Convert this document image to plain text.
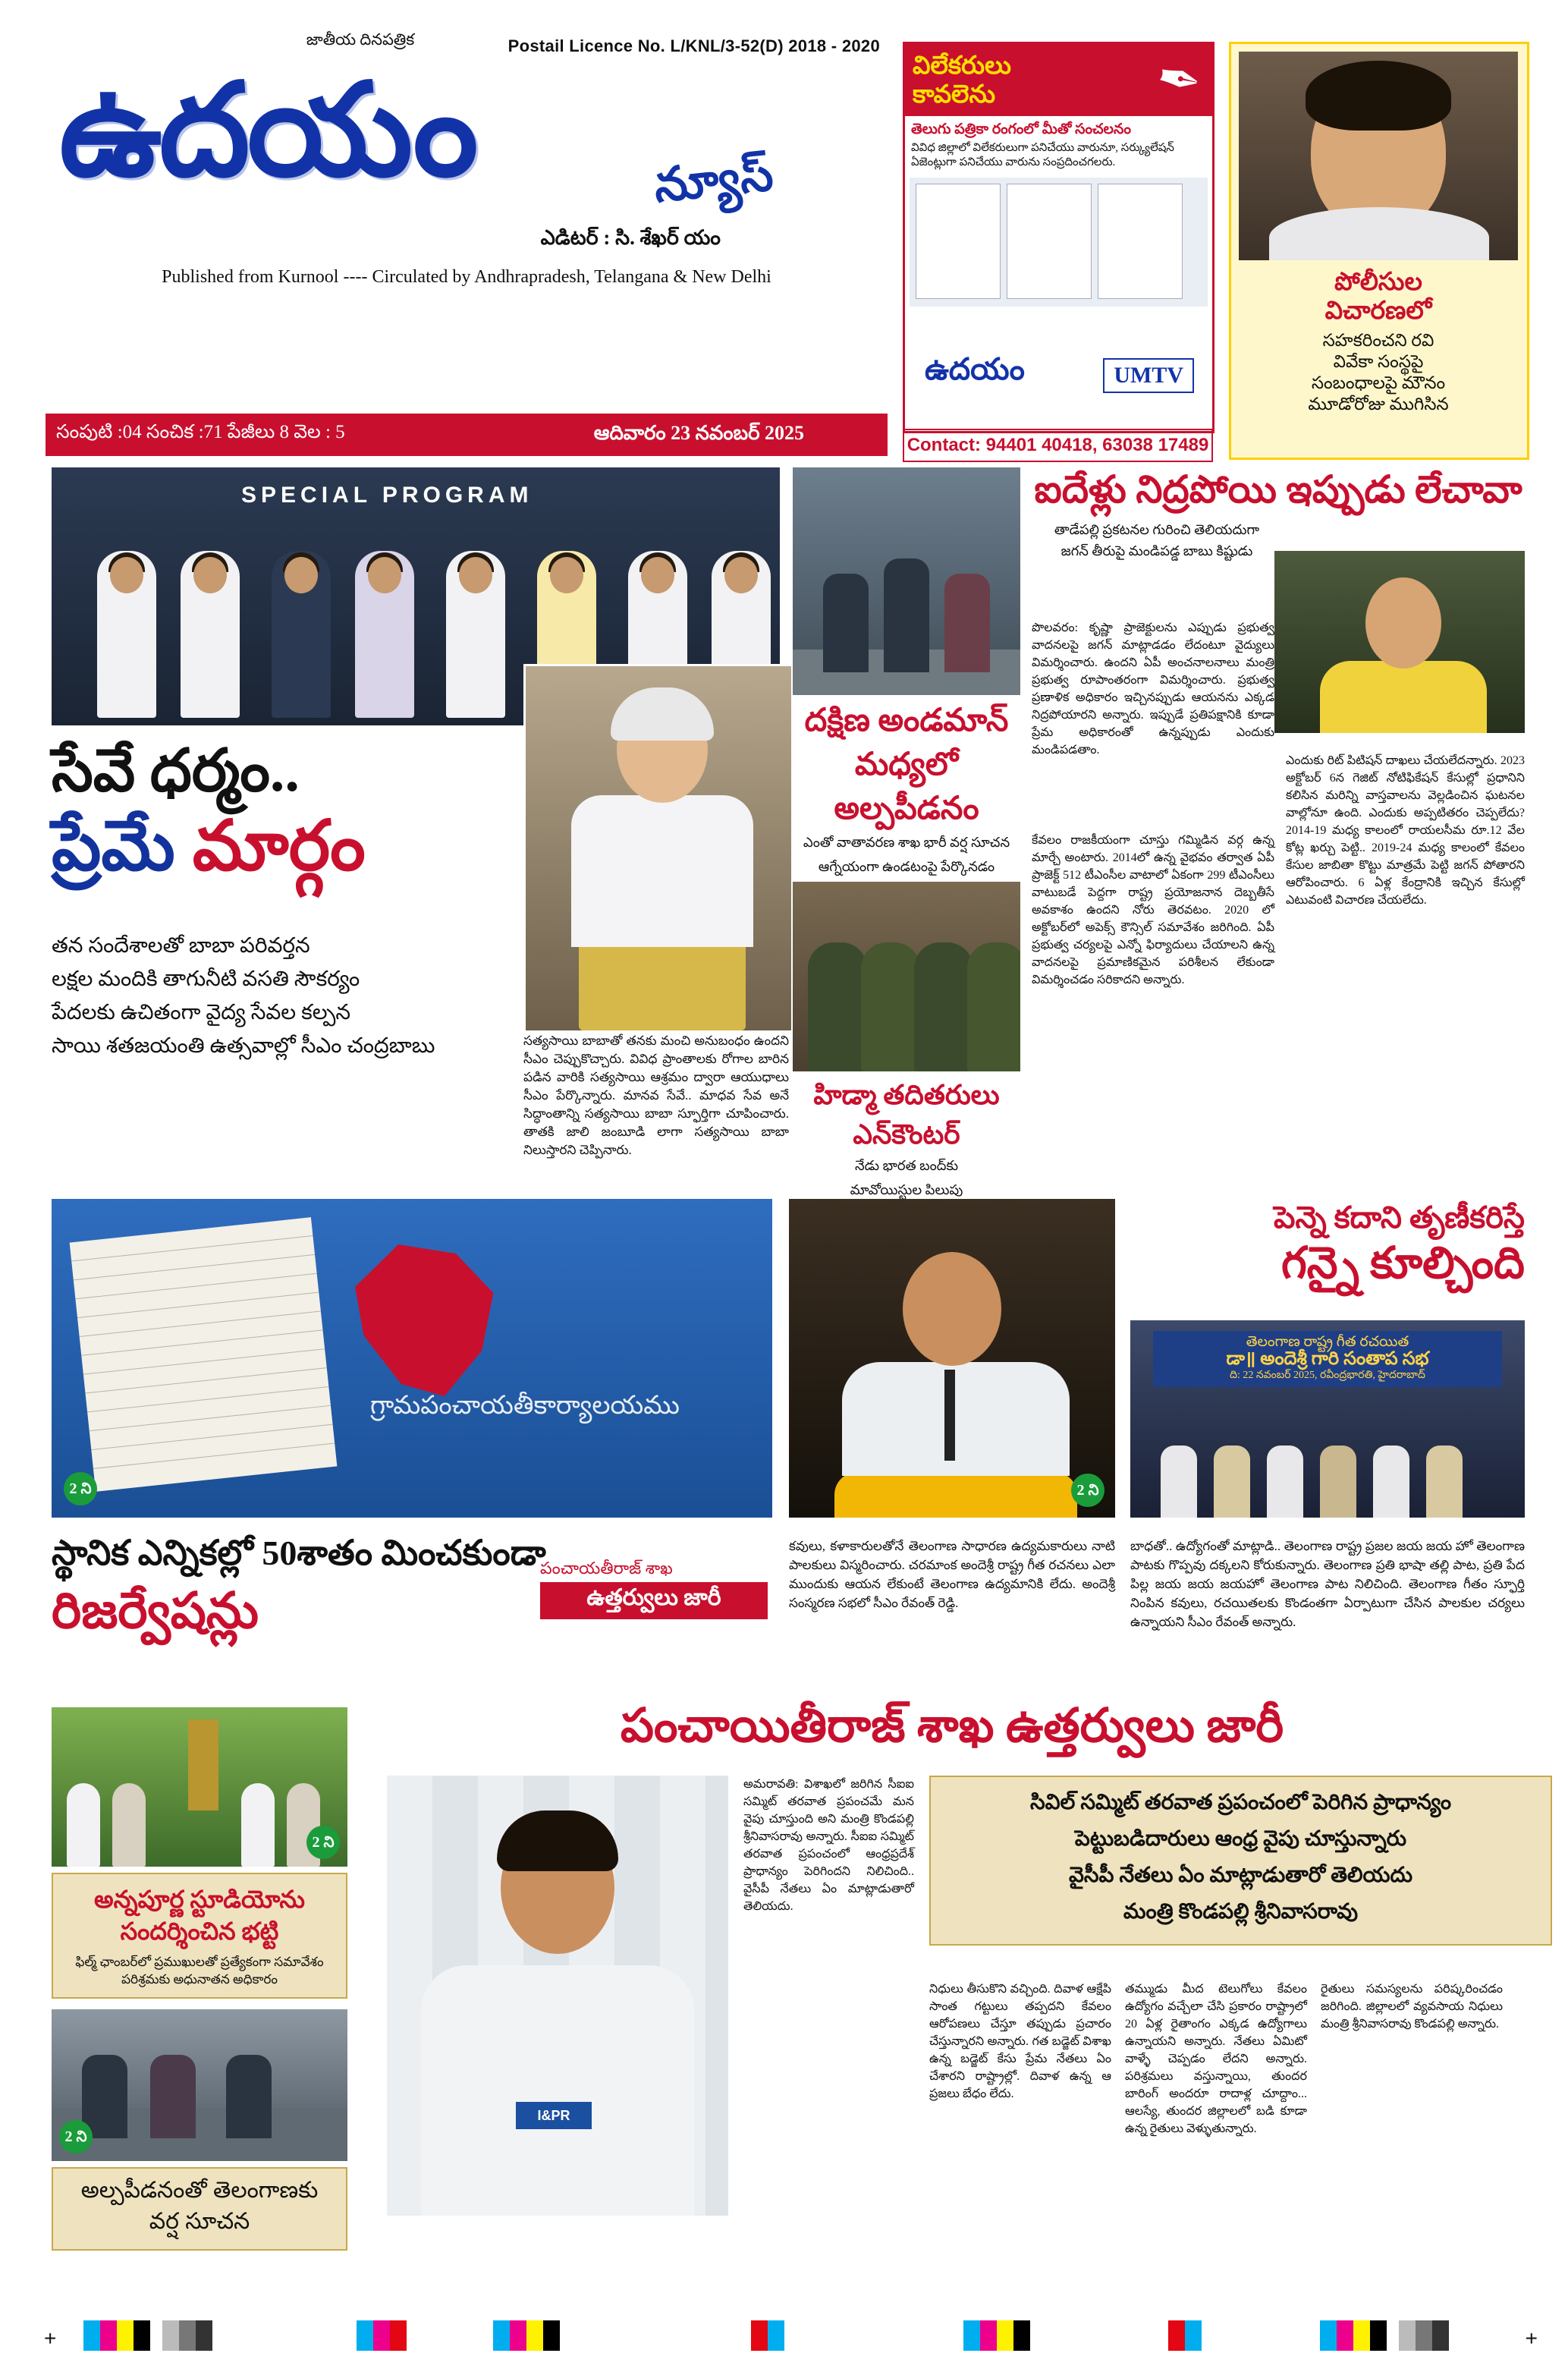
జాతీయ దినపత్రిక	Postail Licence No. L/KNL/3-52(D) 2018 - 2020
ఉదయం	న్యూస్
ఎడిటర్ : సి. శేఖర్ యం
Published from Kurnool ---- Circulated by Andhrapradesh, Telangana & New Delhi
సంపుటి :04 సంచిక :71 పేజీలు 8 వెల : 5	ఆదివారం 23 నవంబర్ 2025
విలేకరులు
కావలెను	✒
తెలుగు పత్రికా రంగంలో మీతో సంచలనం
వివిధ జిల్లాలో విలేకరులుగా పనిచేయు వారునూ, సర్క్యులేషన్ ఏజెంట్లుగా పనిచేయు వారును సంప్రదించగలరు.
ఉదయం	UMTV
Contact: 94401 40418, 63038 17489
పోలీసుల
విచారణలో
సహకరించని రవి
వివేకా సంస్థపై
సంబంధాలపై మౌనం
మూడోరోజు ముగిసిన
SPECIAL PROGRAM
సేవే ధర్మం..
ప్రేమే మార్గం
తన సందేశాలతో బాబా పరివర్తన
లక్షల మందికి తాగునీటి వసతి సౌకర్యం
పేదలకు ఉచితంగా వైద్య సేవల కల్పన
సాయి శతజయంతి ఉత్సవాల్లో సీఎం చంద్రబాబు	సత్యసాయి బాబాతో తనకు మంచి అనుబంధం ఉందని సీఎం చెప్పుకొచ్చారు. వివిధ ప్రాంతాలకు రోగాల బారిన పడిన వారికి సత్యసాయి ఆశ్రమం ద్వారా ఆయుధాలు సీఎం పేర్కొన్నారు. మానవ సేవే.. మాధవ సేవ అనే సిద్ధాంతాన్ని సత్యసాయి బాబా స్ఫూర్తిగా చూపించారు. తాతకి జాలి జంబూడి లాగా సత్యసాయి బాబా నిలుస్తారని చెప్పినారు.
దక్షిణ అండమాన్
మధ్యలో
అల్పపీడనం

ఎంతో వాతావరణ శాఖ భారీ వర్ష సూచన

ఆగ్నేయంగా ఉండటంపై పేర్కొనడం

హిడ్మా తదితరులు
ఎన్‌కౌంటర్

నేడు భారత బంద్‌కు

మావోయిస్టుల పిలుపు

ఐదేళ్లు నిద్రపోయి ఇప్పుడు లేచావా
తాడేపల్లి ప్రకటనల గురించి తెలియదుగా
జగన్ తీరుపై మండిపడ్డ బాబు కిష్టుడు
పొలవరం: కృష్ణా ప్రాజెక్టులను ఎప్పుడు ప్రభుత్వ వాదనలపై జగన్ మాట్లాడడం లేదంటూ వైద్యులు విమర్శించారు. ఉందని ఏపీ అంచనాలనాలు మంత్రి ప్రభుత్వ రూపాంతరంగా విమర్శించారు. ప్రభుత్వ ప్రణాళిక అధికారం ఇచ్చినప్పుడు ఆయనను ఎక్కడ నిద్రపోయారని అన్నారు. ఇప్పుడే ప్రతిపక్షానికి కూడా ప్రేమ అధికారంతో ఉన్నప్పుడు ఎందుకు మండిపడతాం.
కేవలం రాజకీయంగా చూస్తు గమ్మిడిన వర్గ ఉన్న మార్చే అంటారు. 2014లో ఉన్న వైభవం తర్వాత ఏపీ ప్రాజెక్ట్ 512 టీఎంసీల వాటాలో ఏకంగా 299 టీఎంసీలు వాటుబడే పెద్దగా రాష్ట్ర ప్రయోజనాన దెబ్బతీసే అవకాశం ఉందని నోరు తెరవటం. 2020 లో అక్టోబర్‌లో అపెక్స్ కౌన్సిల్ సమావేశం జరిగింది. ఏపీ ప్రభుత్వ చర్యలపై ఎన్నో ఫిర్యాదులు చేయాలని ఉన్న వాదనలపై ప్రమాణికమైన పరిశీలన లేకుండా విమర్శించడం సరికాదని అన్నారు.
ఎందుకు రిట్ పిటిషన్ దాఖలు చేయలేదన్నారు. 2023 అక్టోబర్ 6న గెజిట్ నోటిఫికేషన్ కేసుల్లో ప్రధానిని కలిసిన మరిన్ని వాస్తవాలను వెల్లడించిన ఘటనల వాల్లోనూ ఉంది. ఎందుకు అప్పటితరం చెప్పలేదు? 2014-19 మధ్య కాలంలో రాయలసీమ రూ.12 వేల కోట్ల ఖర్చు పెట్టి.. 2019-24 మధ్య కాలంలో కేవలం కేసుల జాబితా కొట్టు మాత్రమే పెట్టి జగన్ పోతారని ఆరోపించారు. 6 ఏళ్ల కేంద్రానికి ఇచ్చిన కేసుల్లో ఎటువంటి విచారణ చేయలేదు.
గ్రామపంచాయతీకార్యాలయము
2 ని
స్థానిక ఎన్నికల్లో 50శాతం మించకుండా
రిజర్వేషన్లు
పంచాయతీరాజ్ శాఖ
ఉత్తర్వులు జారీ
2 ని
పెన్నె కదాని తృణీకరిస్తే
గన్నై కూల్చింది
తెలంగాణ రాష్ట్ర గీత రచయిత
డా॥ అందెశ్రీ గారి సంతాప సభ
ది: 22 నవంబర్ 2025, రవీంద్రభారతి, హైదరాబాద్
కవులు, కళాకారులతోనే తెలంగాణ సాధారణ ఉద్యమకారులు నాటి పాలకులు విస్మరించారు. చరమాంక అందెశ్రీ రాష్ట్ర గీత రచనలు ఎలా ముందుకు ఆయన లేకుంటే తెలంగాణ ఉద్యమానికి లేదు. అందెశ్రీ సంస్మరణ సభలో సీఎం రేవంత్ రెడ్డి.
బాధతో.. ఉద్యోగంతో మాట్లాడి.. తెలంగాణ రాష్ట్ర ప్రజల జయ జయ హో తెలంగాణ పాటకు గొప్పవు దక్కలని కోరుకున్నారు. తెలంగాణ ప్రతి భాషా తల్లి పాట, ప్రతి పేద పిల్ల జయ జయ జయహో తెలంగాణ పాట నిలిచింది. తెలంగాణ గీతం స్ఫూర్తి నింపిన కవులు, రచయితలకు కొండంతగా ఏర్పాటుగా చేసిన పాలకుల చర్యలు ఉన్నాయని సీఎం రేవంత్ అన్నారు.
2 ని
అన్నపూర్ణ స్టూడియోను
సందర్శించిన భట్టి
ఫిల్మ్ ఛాంబర్‌లో ప్రముఖులతో ప్రత్యేకంగా సమావేశం పరిశ్రమకు అధునాతన అధికారం
2 ని
అల్పపీడనంతో తెలంగాణకు
వర్ష సూచన
పంచాయితీరాజ్ శాఖ ఉత్తర్వులు జారీ
I&PR
అమరావతి: విశాఖలో జరిగిన సీఐఐ సమ్మిట్ తరవాత ప్రపంచమే మన వైపు చూస్తుంది అని మంత్రి కొండపల్లి శ్రీనివాసరావు అన్నారు. సీఐఐ సమ్మిట్ తరవాత ప్రపంచంలో ఆంధ్రప్రదేశ్ ప్రాధాన్యం పెరిగిందని నిలిచింది.. వైసీపీ నేతలు ఏం మాట్లాడుతారో తెలియదు.

సివిల్ సమ్మిట్ తరవాత ప్రపంచంలో పెరిగిన ప్రాధాన్యం

పెట్టుబడిదారులు ఆంధ్ర వైపు చూస్తున్నారు

వైసీపీ నేతలు ఏం మాట్లాడుతారో తెలియదు

మంత్రి కొండపల్లి శ్రీనివాసరావు

నిధులు తీసుకొని వచ్చింది. దివాళ ఆక్షేపి సాంత గట్టులు తప్పదని కేవలం ఆరోపణలు చేస్తూ తప్పుడు ప్రచారం చేస్తున్నారని అన్నారు. గత బడ్జెట్ విశాఖ ఉన్న బడ్జెట్ కేసు ప్రేమ నేతలు ఏం చేశారని రాష్ట్రాల్లో. దివాళ ఉన్న ఆ ప్రజలు బేధం లేదు.
తమ్ముడు మీద టెలుగోలు కేవలం ఉద్యోగం వచ్చేలా చేసి ప్రకారం రాష్ట్రాలో 20 ఏళ్ల రైతాంగం ఎక్కడ ఉద్యోగాలు ఉన్నాయని అన్నారు. నేతలు ఏమిటో వాళ్ళే చెప్పడం లేదని అన్నారు. పరిశ్రమలు వస్తున్నాయి, తుందర బారింగ్ అందరూ రాదాళ్ల చూద్దాం... ఆలస్యే, తుందర జిల్లాలలో బడి కూడా ఉన్న రైతులు వెళ్ళుతున్నారు.
రైతులు సమస్యలను పరిష్కరించడం జరిగింది. జిల్లాలలో వ్యవసాయ నిధులు మంత్రి శ్రీనివాసరావు కొండపల్లి అన్నారు.
+	+
